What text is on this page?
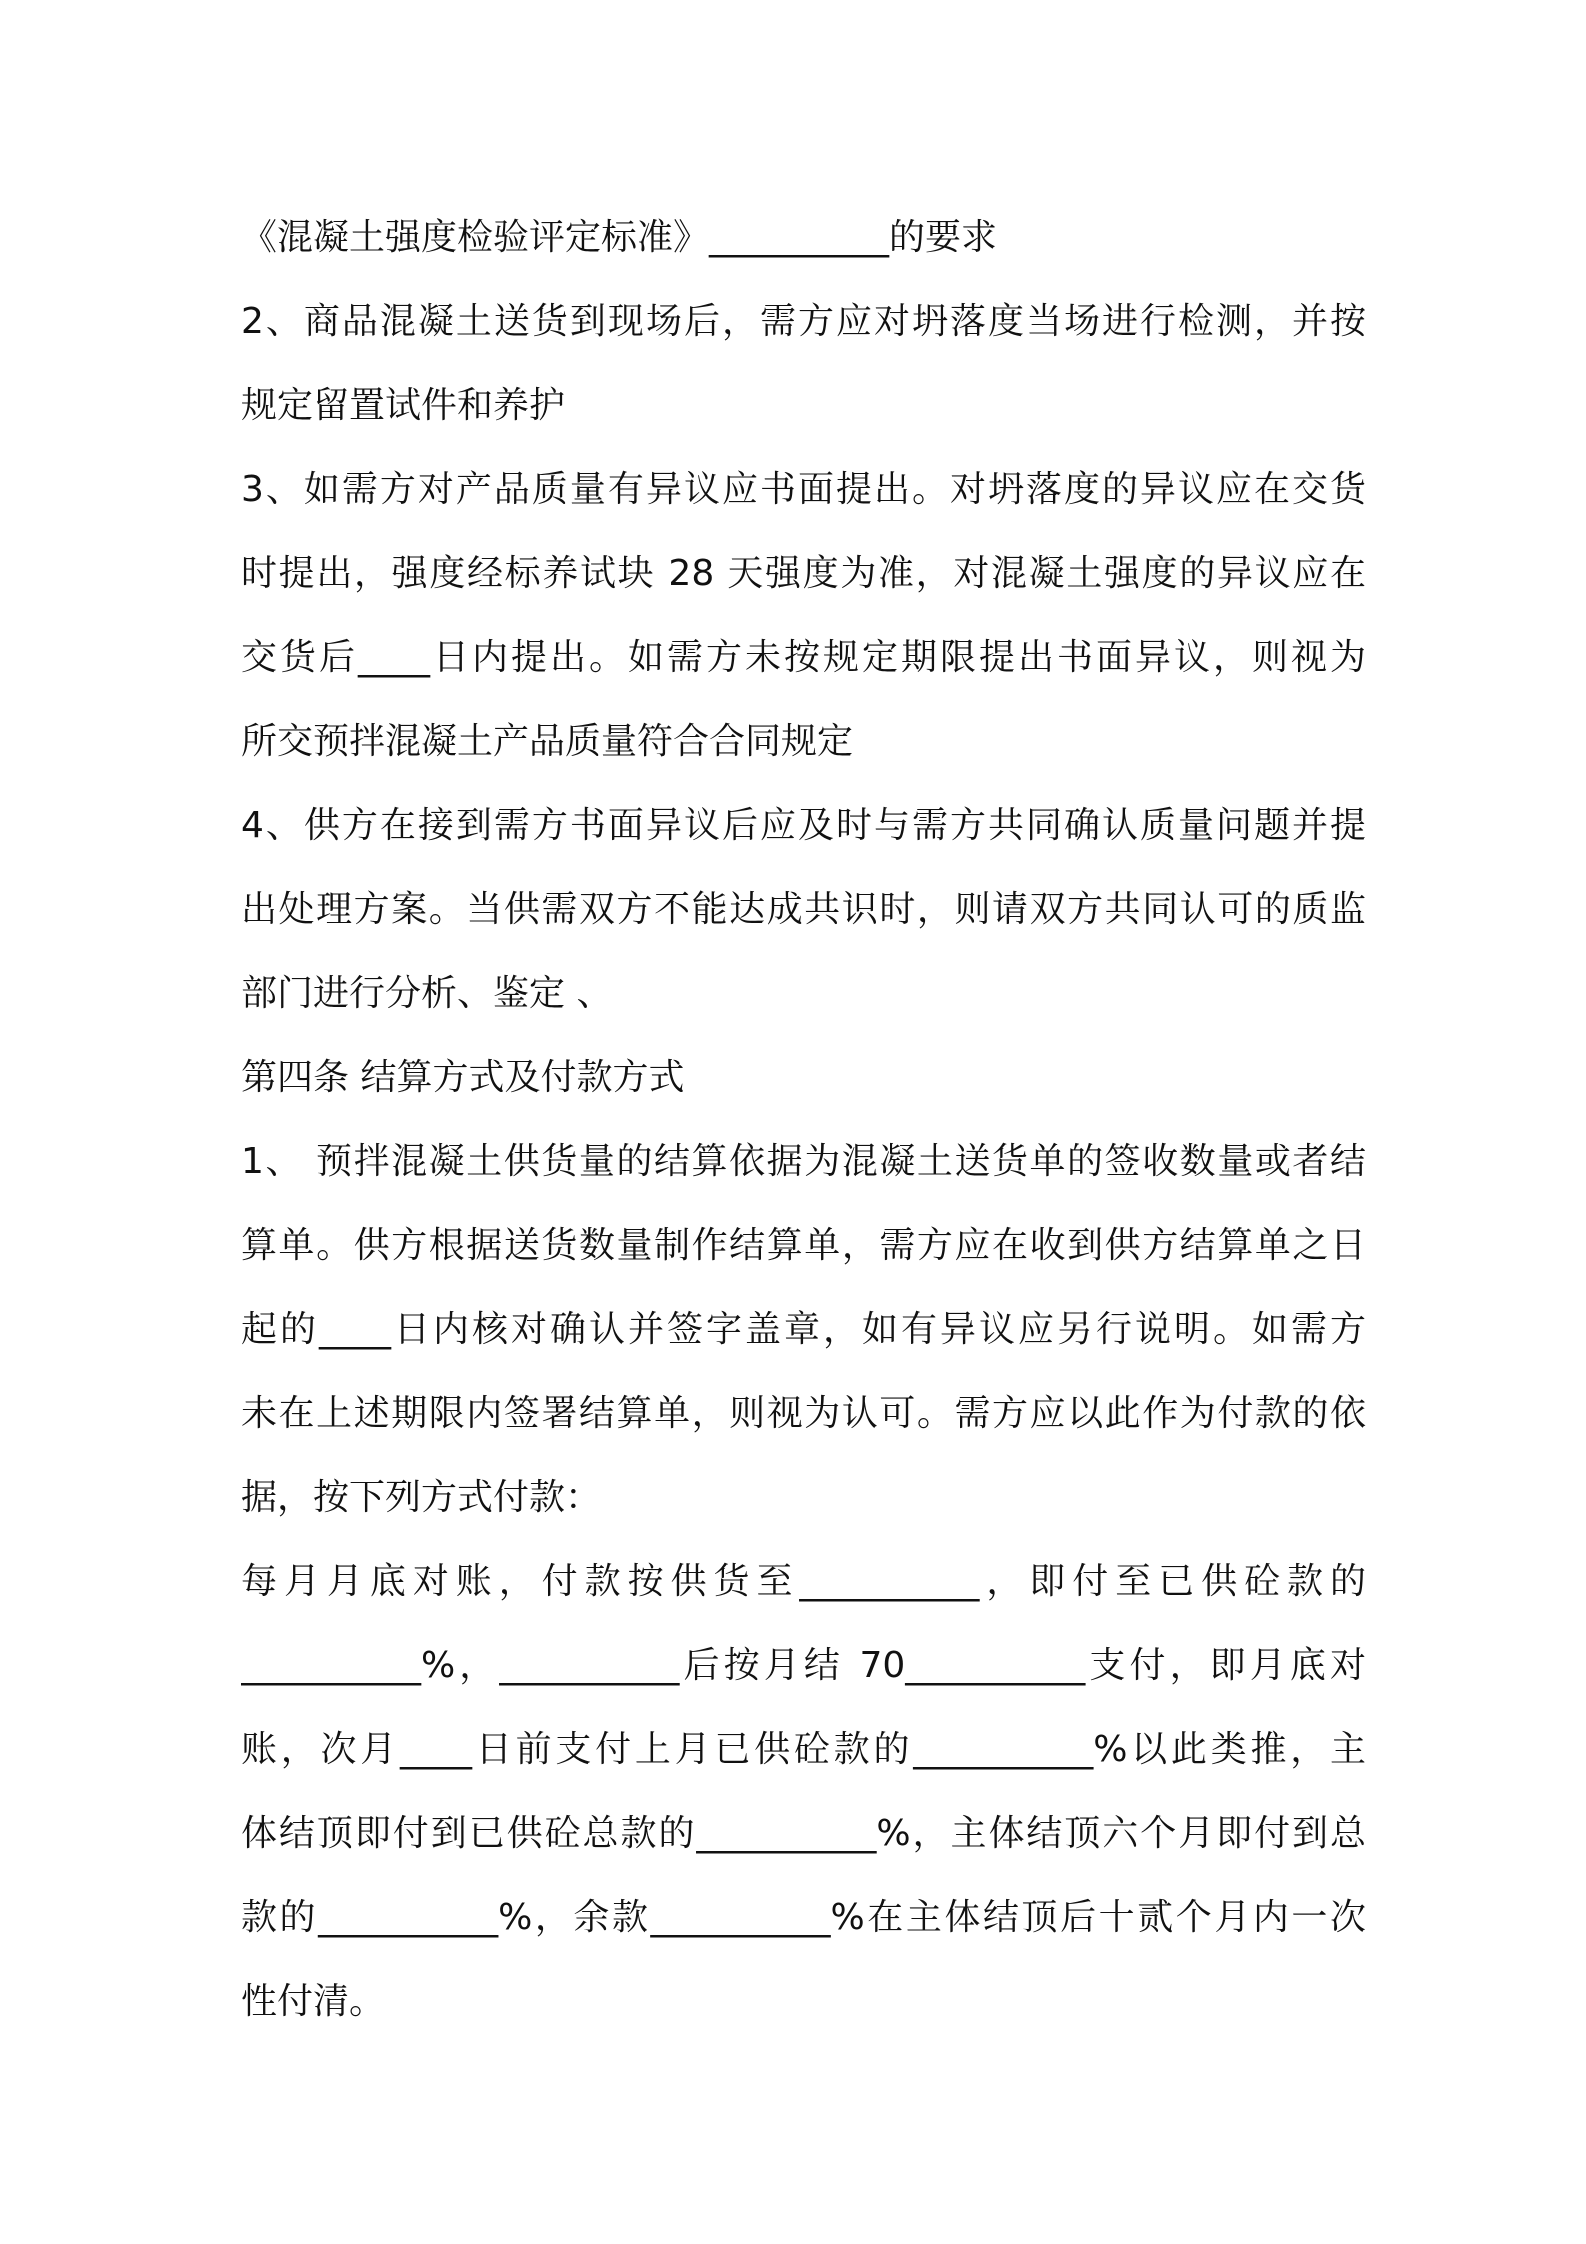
《混凝土强度检验评定标准》__________的要求
2、商品混凝土送货到现场后，需方应对坍落度当场进行检测，并按
规定留置试件和养护
3、如需方对产品质量有异议应书面提出。对坍落度的异议应在交货
时提出，强度经标养试块 28 天强度为准，对混凝土强度的异议应在
交货后____日内提出。如需方未按规定期限提出书面异议，则视为
所交预拌混凝土产品质量符合合同规定
4、供方在接到需方书面异议后应及时与需方共同确认质量问题并提
出处理方案。当供需双方不能达成共识时，则请双方共同认可的质监
部门进行分析、鉴定 、
第四条 结算方式及付款方式
1、 预拌混凝土供货量的结算依据为混凝土送货单的签收数量或者结
算单。供方根据送货数量制作结算单，需方应在收到供方结算单之日
起的____日内核对确认并签字盖章，如有异议应另行说明。如需方
未在上述期限内签署结算单，则视为认可。需方应以此作为付款的依
据，按下列方式付款：
每月月底对账，付款按供货至__________，即付至已供砼款的
__________%，__________后按月结 70__________支付，即月底对
账，次月____日前支付上月已供砼款的__________%以此类推，主
体结顶即付到已供砼总款的__________%，主体结顶六个月即付到总
款的__________%，余款__________%在主体结顶后十贰个月内一次
性付清。
